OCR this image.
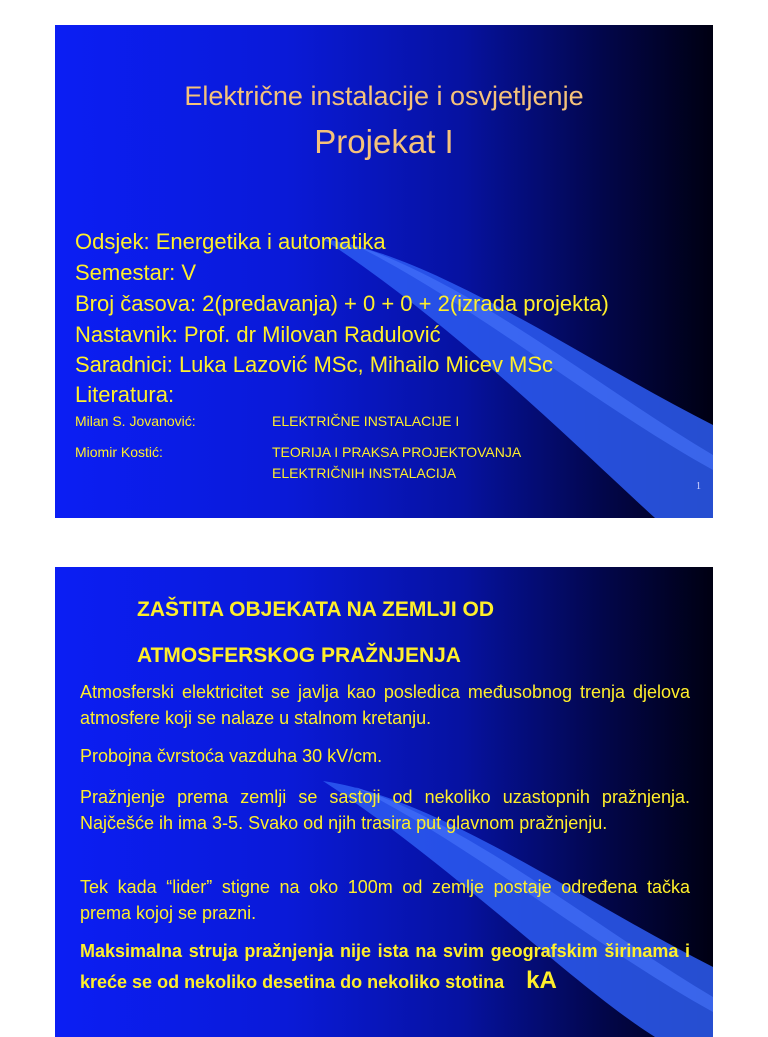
Električne instalacije i osvjetljenje
Projekat I
Odsjek: Energetika i automatika
Semestar: V
Broj časova: 2(predavanja) + 0 + 0 + 2(izrada projekta)
Nastavnik: Prof. dr Milovan Radulović
Saradnici: Luka Lazović MSc, Mihailo Micev MSc
Literatura:
Milan S. Jovanović:	ELEKTRIČNE INSTALACIJE I
Miomir Kostić:	TEORIJA I PRAKSA PROJEKTOVANJA
ELEKTRIČNIH INSTALACIJA
1
ZAŠTITA OBJEKATA NA ZEMLJI OD
ATMOSFERSKOG PRAŽNJENJA
Atmosferski elektricitet se javlja kao posledica međusobnog trenja djelova atmosfere koji se nalaze u stalnom kretanju.
Probojna čvrstoća vazduha 30 kV/cm.
Pražnjenje prema zemlji se sastoji od nekoliko uzastopnih pražnjenja. Najčešće ih ima 3-5. Svako od njih trasira put glavnom pražnjenju.
Tek kada “lider” stigne na oko 100m od zemlje postaje određena tačka prema kojoj se prazni.
Maksimalna struja pražnjenja nije ista na svim geografskim širinama i kreće se od nekoliko desetina do nekoliko stotina kA
